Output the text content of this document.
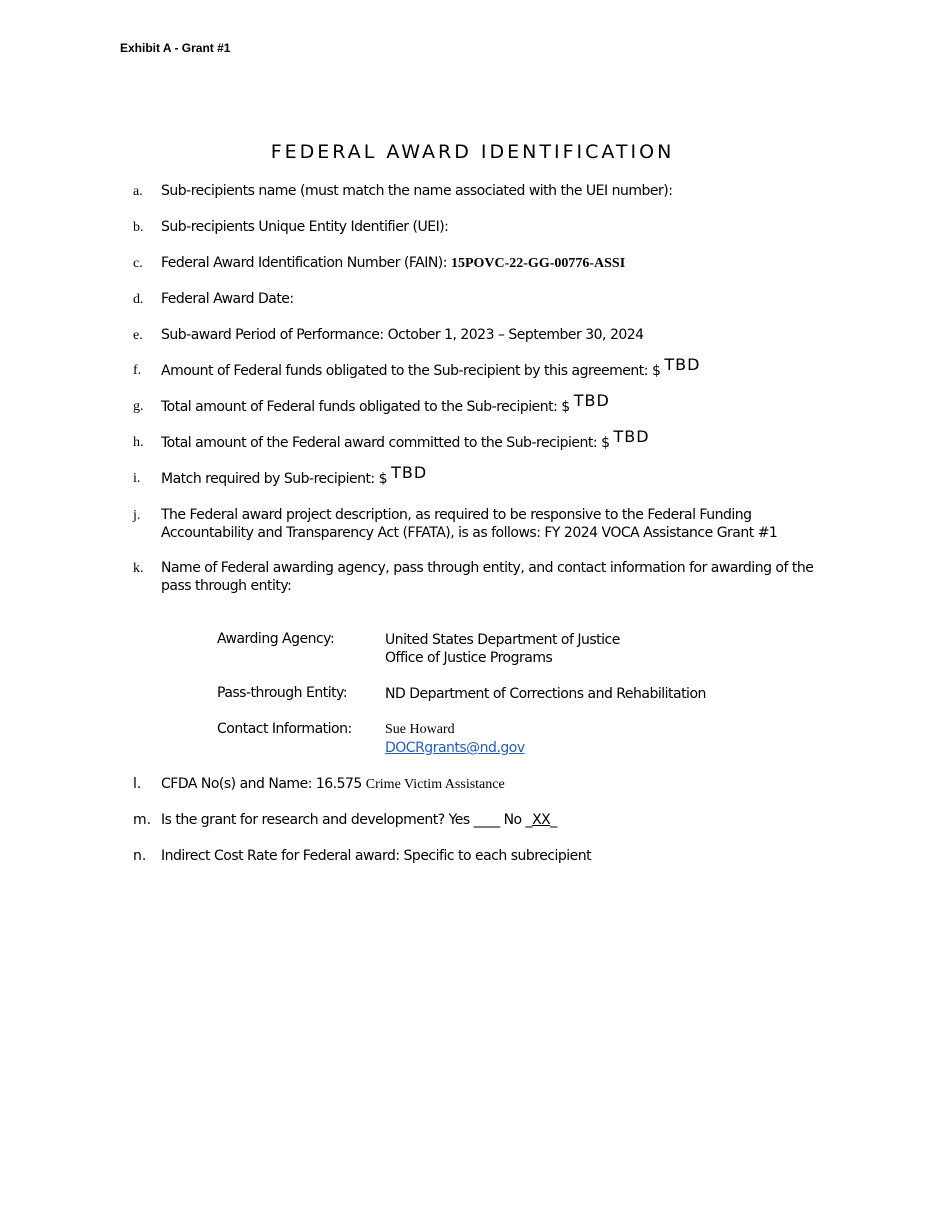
Exhibit A - Grant #1
FEDERAL AWARD IDENTIFICATION
a. Sub-recipients name (must match the name associated with the UEI number):
b. Sub-recipients Unique Entity Identifier (UEI):
c. Federal Award Identification Number (FAIN): 15POVC-22-GG-00776-ASSI
d. Federal Award Date:
e. Sub-award Period of Performance: October 1, 2023 – September 30, 2024
f. Amount of Federal funds obligated to the Sub-recipient by this agreement: $ TBD
g. Total amount of Federal funds obligated to the Sub-recipient: $ TBD
h. Total amount of the Federal award committed to the Sub-recipient: $ TBD
i. Match required by Sub-recipient: $ TBD
j. The Federal award project description, as required to be responsive to the Federal Funding Accountability and Transparency Act (FFATA), is as follows: FY 2024 VOCA Assistance Grant #1
k. Name of Federal awarding agency, pass through entity, and contact information for awarding of the pass through entity:
Awarding Agency:	United States Department of Justice
Office of Justice Programs
Pass-through Entity:	ND Department of Corrections and Rehabilitation
Contact Information: Sue Howard
DOCRgrants@nd.gov
l. CFDA No(s) and Name: 16.575 Crime Victim Assistance
m. Is the grant for research and development? Yes ____ No _XX_
n. Indirect Cost Rate for Federal award: Specific to each subrecipient
